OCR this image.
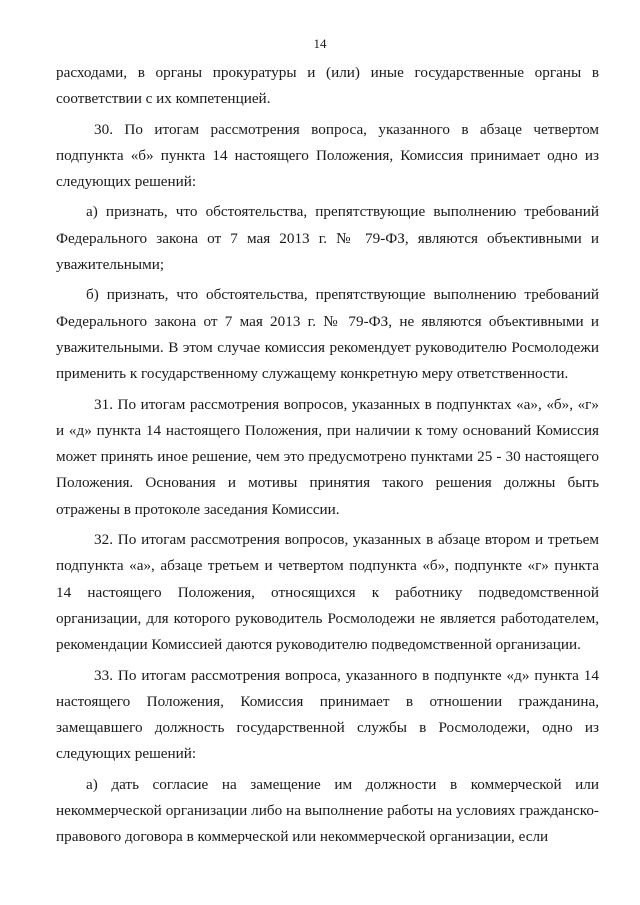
14

расходами, в органы прокуратуры и (или) иные государственные органы в соответствии с их компетенцией.

30. По итогам рассмотрения вопроса, указанного в абзаце четвертом подпункта «б» пункта 14 настоящего Положения, Комиссия принимает одно из следующих решений:

а) признать, что обстоятельства, препятствующие выполнению требований Федерального закона от 7 мая 2013 г. № 79-ФЗ, являются объективными и уважительными;

б) признать, что обстоятельства, препятствующие выполнению требований Федерального закона от 7 мая 2013 г. № 79-ФЗ, не являются объективными и уважительными. В этом случае комиссия рекомендует руководителю Росмолодежи применить к государственному служащему конкретную меру ответственности.

31. По итогам рассмотрения вопросов, указанных в подпунктах «а», «б», «г» и «д» пункта 14 настоящего Положения, при наличии к тому оснований Комиссия может принять иное решение, чем это предусмотрено пунктами 25 - 30 настоящего Положения. Основания и мотивы принятия такого решения должны быть отражены в протоколе заседания Комиссии.

32. По итогам рассмотрения вопросов, указанных в абзаце втором и третьем подпункта «а», абзаце третьем и четвертом подпункта «б», подпункте «г» пункта 14 настоящего Положения, относящихся к работнику подведомственной организации, для которого руководитель Росмолодежи не является работодателем, рекомендации Комиссией даются руководителю подведомственной организации.

33. По итогам рассмотрения вопроса, указанного в подпункте «д» пункта 14 настоящего Положения, Комиссия принимает в отношении гражданина, замещавшего должность государственной службы в Росмолодежи, одно из следующих решений:

а) дать согласие на замещение им должности в коммерческой или некоммерческой организации либо на выполнение работы на условиях гражданско-правового договора в коммерческой или некоммерческой организации, если
